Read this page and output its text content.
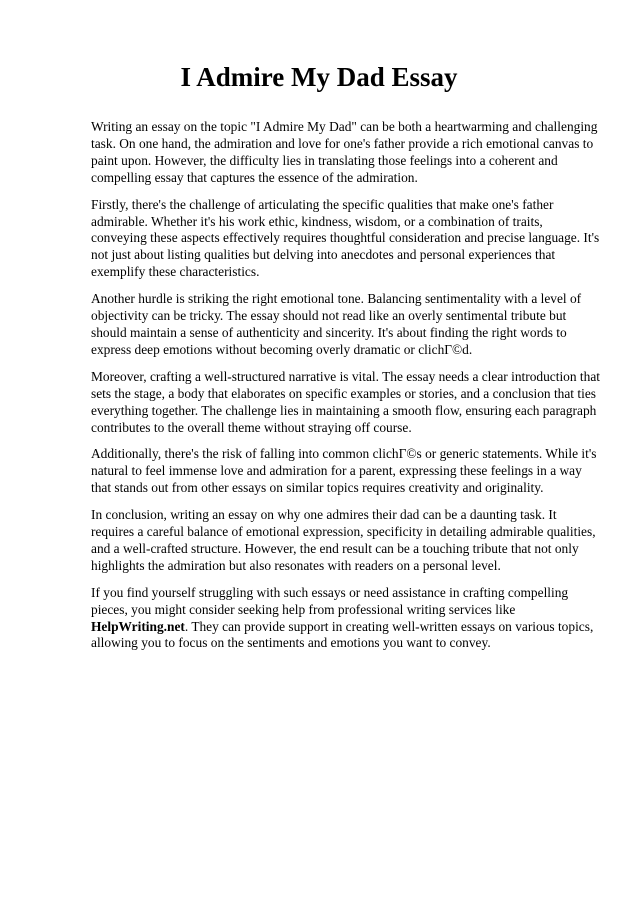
I Admire My Dad Essay

Writing an essay on the topic "I Admire My Dad" can be both a heartwarming and challenging task. On one hand, the admiration and love for one's father provide a rich emotional canvas to paint upon. However, the difficulty lies in translating those feelings into a coherent and compelling essay that captures the essence of the admiration.

Firstly, there's the challenge of articulating the specific qualities that make one's father admirable. Whether it's his work ethic, kindness, wisdom, or a combination of traits, conveying these aspects effectively requires thoughtful consideration and precise language. It's not just about listing qualities but delving into anecdotes and personal experiences that exemplify these characteristics.

Another hurdle is striking the right emotional tone. Balancing sentimentality with a level of objectivity can be tricky. The essay should not read like an overly sentimental tribute but should maintain a sense of authenticity and sincerity. It's about finding the right words to express deep emotions without becoming overly dramatic or clichΓ©d.

Moreover, crafting a well-structured narrative is vital. The essay needs a clear introduction that sets the stage, a body that elaborates on specific examples or stories, and a conclusion that ties everything together. The challenge lies in maintaining a smooth flow, ensuring each paragraph contributes to the overall theme without straying off course.

Additionally, there's the risk of falling into common clichΓ©s or generic statements. While it's natural to feel immense love and admiration for a parent, expressing these feelings in a way that stands out from other essays on similar topics requires creativity and originality.

In conclusion, writing an essay on why one admires their dad can be a daunting task. It requires a careful balance of emotional expression, specificity in detailing admirable qualities, and a well-crafted structure. However, the end result can be a touching tribute that not only highlights the admiration but also resonates with readers on a personal level.

If you find yourself struggling with such essays or need assistance in crafting compelling pieces, you might consider seeking help from professional writing services like HelpWriting.net. They can provide support in creating well-written essays on various topics, allowing you to focus on the sentiments and emotions you want to convey.
